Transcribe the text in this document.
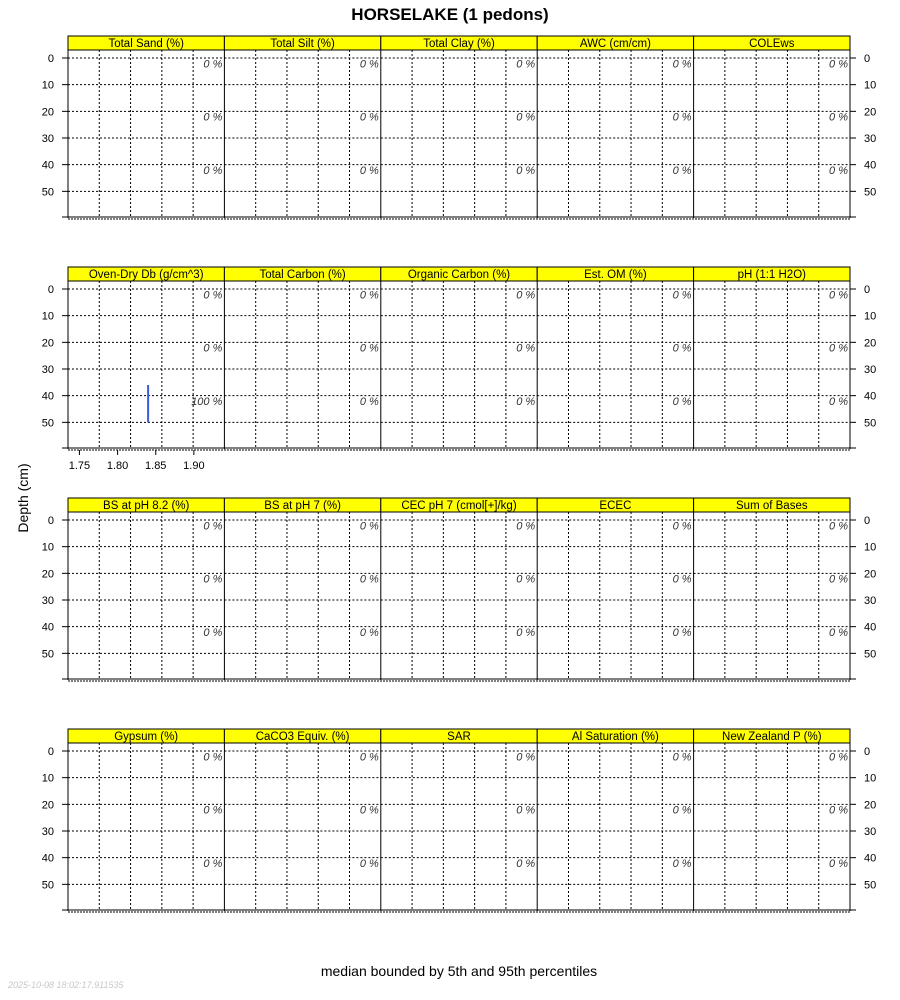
HORSELAKE (1 pedons)
Depth (cm)
0	0
10	10
20	20
30	30
40	40
50	50
Total Sand (%)
0 %
0 %
0 %
Total Silt (%)
0 %
0 %
0 %
Total Clay (%)
0 %
0 %
0 %
AWC (cm/cm)
0 %
0 %
0 %
COLEws
0 %
0 %
0 %
0	0
10	10
20	20
30	30
40	40
50	50
Oven-Dry Db (g/cm^3)
0 %
0 %
100 %
Total Carbon (%)
0 %
0 %
0 %
Organic Carbon (%)
0 %
0 %
0 %
Est. OM (%)
0 %
0 %
0 %
pH (1:1 H2O)
0 %
0 %
0 %
1.75 1.80 1.85 1.90
0	0
10	10
20	20
30	30
40	40
50	50
BS at pH 8.2 (%)
0 %
0 %
0 %
BS at pH 7 (%)
0 %
0 %
0 %
CEC pH 7 (cmol[+]/kg)
0 %
0 %
0 %
ECEC
0 %
0 %
0 %
Sum of Bases
0 %
0 %
0 %
0	0
10	10
20	20
30	30
40	40
50	50
Gypsum (%)
0 %
0 %
0 %
CaCO3 Equiv. (%)
0 %
0 %
0 %
SAR
0 %
0 %
0 %
Al Saturation (%)
0 %
0 %
0 %
New Zealand P (%)
0 %
0 %
0 %
median bounded by 5th and 95th percentiles
2025-10-08 18:02:17.911535
